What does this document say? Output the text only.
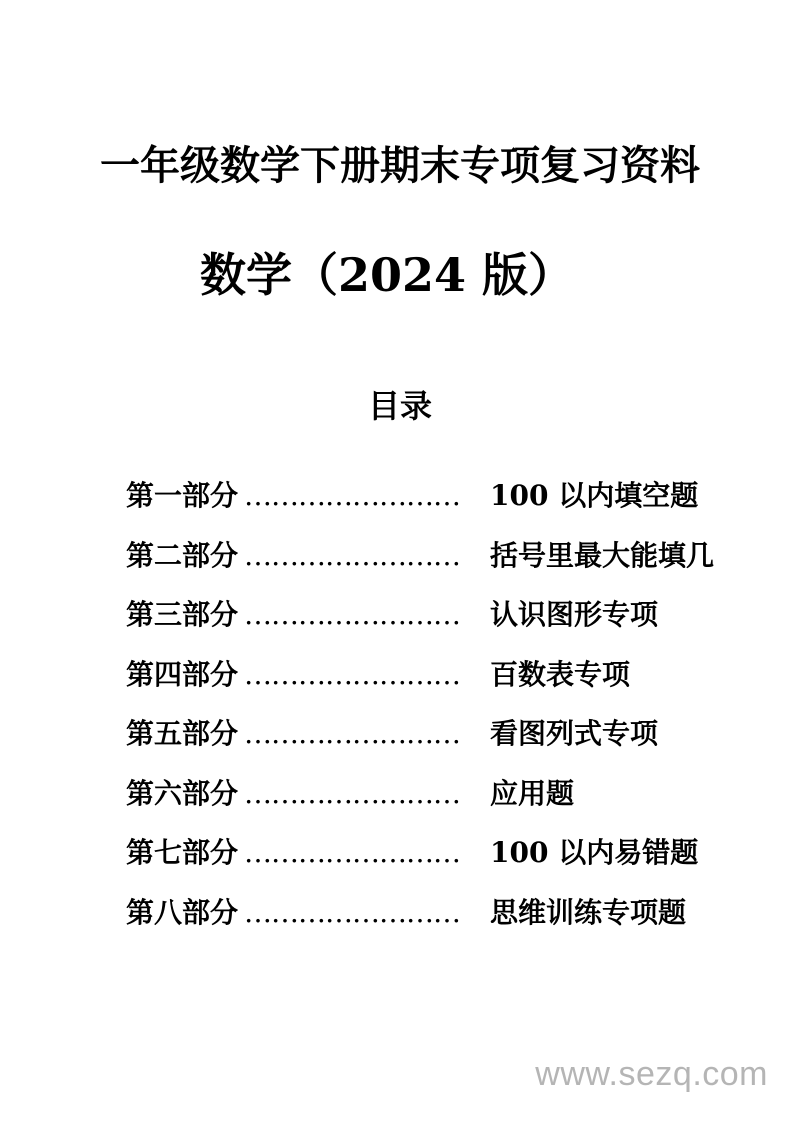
一年级数学下册期末专项复习资料
数学（2024 版）
目录
第一部分 ……………………	100 以内填空题
第二部分 ……………………	括号里最大能填几
第三部分 ……………………	认识图形专项
第四部分 ……………………	百数表专项
第五部分 ……………………	看图列式专项
第六部分 ……………………	应用题
第七部分 ……………………	100 以内易错题
第八部分 ……………………	思维训练专项题
www.sezq.com
